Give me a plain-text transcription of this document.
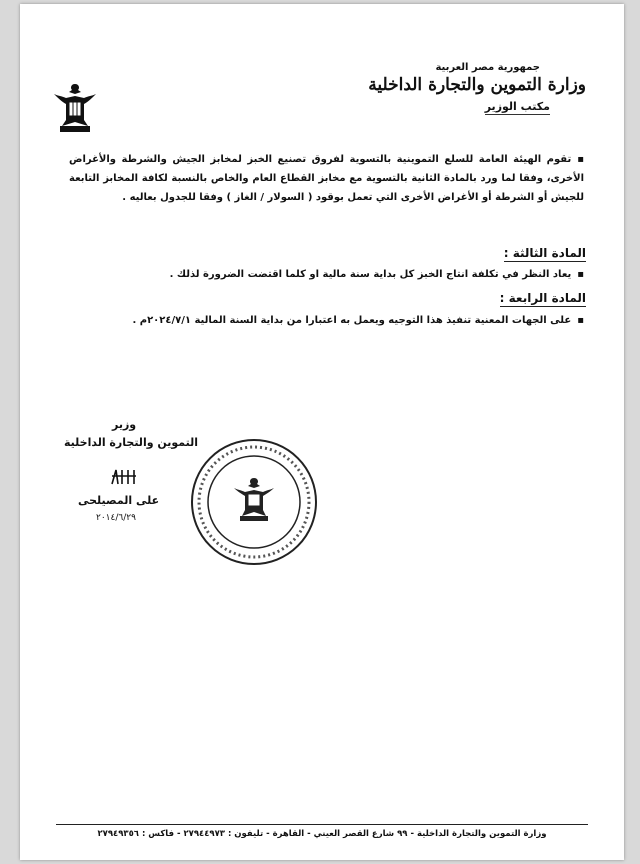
جمهورية مصر العربية
وزارة التموين والتجارة الداخلية
مكتب الوزير
▪تقوم الهيئة العامة للسلع التموينية بالتسوية لفروق تصنيع الخبز لمخابز الجيش والشرطة والأغراض الأخرى، وفقا لما ورد بالمادة الثانية بالتسوية مع مخابز القطاع العام والخاص بالنسبة لكافة المخابز التابعة للجيش أو الشرطة أو الأغراض الأخرى التي تعمل بوقود ( السولار / الغاز ) وفقا للجدول بعاليه .
المادة الثالثة :
▪يعاد النظر في تكلفة انتاج الخبز كل بداية سنة مالية او كلما اقتضت الضرورة لذلك .
المادة الرابعة :
▪على الجهات المعنية تنفيذ هذا التوجيه ويعمل به اعتبارا من بداية السنة المالية ٢٠٢٤/٧/١م .
وزير
التموين والتجارة الداخلية
على المصيلحى
٢٠١٤/٦/٢٩
وزارة التموين والتجارة الداخلية - ٩٩ شارع القصر العيني - القاهرة - تليفون : ٢٧٩٤٤٩٧٣ - فاكس : ٢٧٩٤٩٣٥٦
